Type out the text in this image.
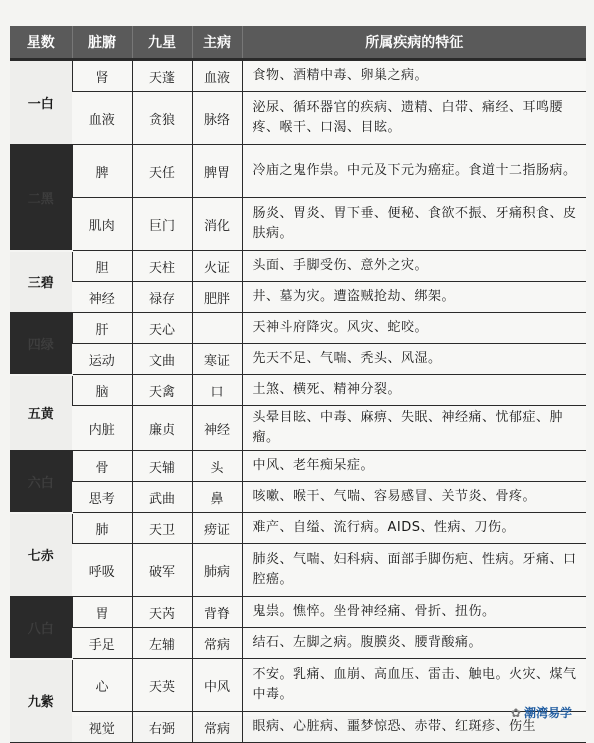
星数	脏腑	九星	主病	所属疾病的特征
一白	肾	天蓬	血液	食物、酒精中毒、卵巢之病。
	血液	贪狼	脉络	泌尿、循环器官的疾病、遗精、白带、痛经、耳鸣腰疼、喉干、口渴、目眩。
二黑	脾	天任	脾胃	冷庙之鬼作祟。中元及下元为癌症。食道十二指肠病。
	肌肉	巨门	消化	肠炎、胃炎、胃下垂、便秘、食欲不振、牙痛积食、皮肤病。
三碧	胆	天柱	火证	头面、手脚受伤、意外之灾。
	神经	禄存	肥胖	井、墓为灾。遭盗贼抢劫、绑架。
四绿	肝	天心		天神斗府降灾。风灾、蛇咬。
	运动	文曲	寒证	先天不足、气喘、秃头、风湿。
五黄	脑	天禽	口	土煞、横死、精神分裂。
	内脏	廉贞	神经	头晕目眩、中毒、麻痹、失眠、神经痛、忧郁症、肿瘤。
六白	骨	天辅	头	中风、老年痴呆症。
	思考	武曲	鼻	咳嗽、喉干、气喘、容易感冒、关节炎、骨疼。
七赤	肺	天卫	痨证	难产、自缢、流行病。AIDS、性病、刀伤。
	呼吸	破军	肺病	肺炎、气喘、妇科病、面部手脚伤疤、性病。牙痛、口腔癌。
八白	胃	天芮	背脊	鬼祟。憔悴。坐骨神经痛、骨折、扭伤。
	手足	左辅	常病	结石、左脚之病。腹膜炎、腰背酸痛。
九紫	心	天英	中风	不安。乳痛、血崩、高血压、雷击、触电。火灾、煤气中毒。
	视觉	右弼	常病	眼病、心脏病、噩梦惊恐、赤带、红斑疹、伤生
✿ 潮湾易学
